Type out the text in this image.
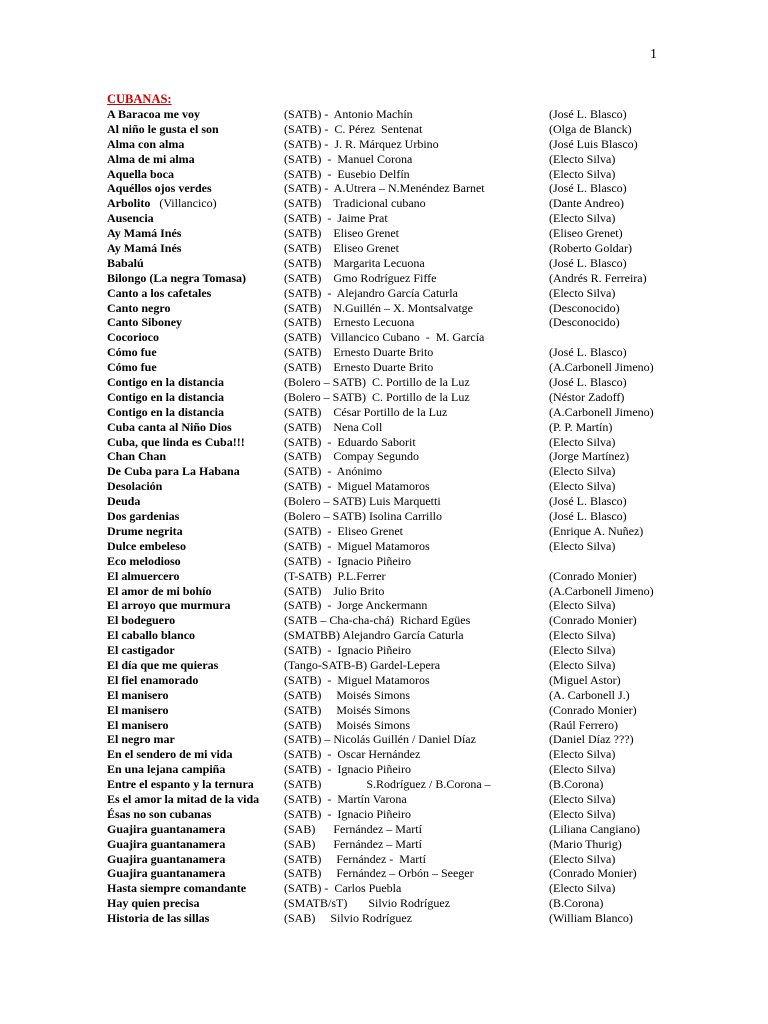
1
CUBANAS:
A Baracoa me voy	(SATB) -  Antonio Machín	(José L. Blasco)
Al niño le gusta el son	(SATB) -  C. Pérez  Sentenat	(Olga de Blanck)
Alma con alma	(SATB) -  J. R. Márquez Urbino	(José Luis Blasco)
Alma de mi alma	(SATB)  -  Manuel Corona	(Electo Silva)
Aquella boca	(SATB)  -  Eusebio Delfín	(Electo Silva)
Aquéllos ojos verdes	(SATB) -  A.Utrera – N.Menéndez Barnet	(José L. Blasco)
Arbolito   (Villancico)	(SATB)    Tradicional cubano	(Dante Andreo)
Ausencia	(SATB)  -  Jaime Prat	(Electo Silva)
Ay Mamá Inés	(SATB)    Eliseo Grenet	(Eliseo Grenet)
Ay Mamá Inés	(SATB)    Eliseo Grenet	(Roberto Goldar)
Babalú	(SATB)    Margarita Lecuona	(José L. Blasco)
Bilongo (La negra Tomasa)	(SATB)    Gmo Rodríguez Fiffe	(Andrés R. Ferreira)
Canto a los cafetales	(SATB)  -  Alejandro García Caturla	(Electo Silva)
Canto negro	(SATB)    N.Guillén – X. Montsalvatge	(Desconocido)
Canto Siboney	(SATB)    Ernesto Lecuona	(Desconocido)
Cocorioco	(SATB)   Villancico Cubano  -  M. García
Cómo fue	(SATB)    Ernesto Duarte Brito	(José L. Blasco)
Cómo fue	(SATB)    Ernesto Duarte Brito	(A.Carbonell Jimeno)
Contigo en la distancia	(Bolero – SATB)  C. Portillo de la Luz	(José L. Blasco)
Contigo en la distancia	(Bolero – SATB)  C. Portillo de la Luz	(Néstor Zadoff)
Contigo en la distancia	(SATB)    César Portillo de la Luz	(A.Carbonell Jimeno)
Cuba canta al Niño Dios	(SATB)    Nena Coll	(P. P. Martín)
Cuba, que linda es Cuba!!!	(SATB)  -  Eduardo Saborit	(Electo Silva)
Chan Chan	(SATB)    Compay Segundo	(Jorge Martínez)
De Cuba para La Habana	(SATB)  -  Anónimo	(Electo Silva)
Desolación	(SATB)  -  Miguel Matamoros	(Electo Silva)
Deuda	(Bolero – SATB) Luis Marquetti	(José L. Blasco)
Dos gardenias	(Bolero – SATB) Isolina Carrillo	(José L. Blasco)
Drume negrita	(SATB)  -  Eliseo Grenet	(Enrique A. Nuñez)
Dulce embeleso	(SATB)  -  Miguel Matamoros	(Electo Silva)
Eco melodioso	(SATB)  -  Ignacio Piñeiro
El almuercero	(T-SATB)  P.L.Ferrer	(Conrado Monier)
El amor de mi bohío	(SATB)    Julio Brito	(A.Carbonell Jimeno)
El arroyo que murmura	(SATB)  -  Jorge Anckermann	(Electo Silva)
El bodeguero	(SATB – Cha-cha-chá)  Richard Egües	(Conrado Monier)
El caballo blanco	(SMATBB) Alejandro García Caturla	(Electo Silva)
El castigador	(SATB)  -  Ignacio Piñeiro	(Electo Silva)
El día que me quieras	(Tango-SATB-B) Gardel-Lepera	(Electo Silva)
El fiel enamorado	(SATB)  -  Miguel Matamoros	(Miguel Astor)
El manisero	(SATB)     Moisés Simons	(A. Carbonell J.)
El manisero	(SATB)     Moisés Simons	(Conrado Monier)
El manisero	(SATB)     Moisés Simons	(Raúl Ferrero)
El negro mar	(SATB) – Nicolás Guillén / Daniel Díaz	(Daniel Díaz ???)
En el sendero de mi vida	(SATB)  -  Oscar Hernández	(Electo Silva)
En una lejana campiña	(SATB)  -  Ignacio Piñeiro	(Electo Silva)
Entre el espanto y la ternura	(SATB)               S.Rodríguez / B.Corona –	(B.Corona)
Es el amor la mitad de la vida (SATB)  -  Martín Varona	(Electo Silva)
Ésas no son cubanas	(SATB)  -  Ignacio Piñeiro	(Electo Silva)
Guajira guantanamera	(SAB)      Fernández – Martí	(Liliana Cangiano)
Guajira guantanamera	(SAB)      Fernández – Martí	(Mario Thurig)
Guajira guantanamera	(SATB)     Fernández -  Martí	(Electo Silva)
Guajira guantanamera	(SATB)     Fernández – Orbón – Seeger	(Conrado Monier)
Hasta siempre comandante	(SATB) -  Carlos Puebla	(Electo Silva)
Hay quien precisa	(SMATB/sT)       Silvio Rodríguez	(B.Corona)
Historia de las sillas	(SAB)     Silvio Rodríguez	(William Blanco)
